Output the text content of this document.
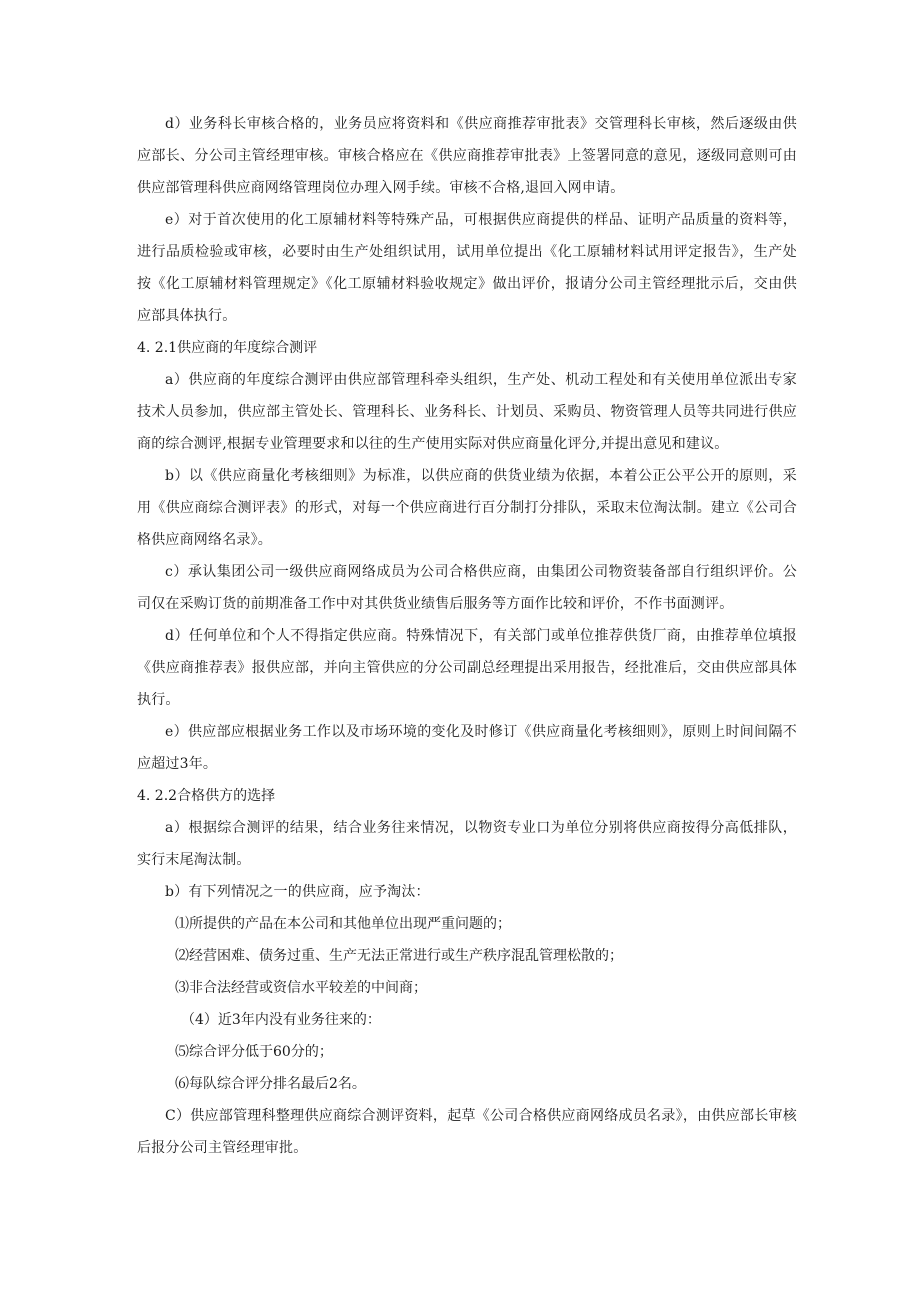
d）业务科长审核合格的，业务员应将资料和《供应商推荐审批表》交管理科长审核，然后逐级由供应部长、分公司主管经理审核。审核合格应在《供应商推荐审批表》上签署同意的意见，逐级同意则可由供应部管理科供应商网络管理岗位办理入网手续。审核不合格,退回入网申请。

e）对于首次使用的化工原辅材料等特殊产品，可根据供应商提供的样品、证明产品质量的资料等，进行品质检验或审核，必要时由生产处组织试用，试用单位提出《化工原辅材料试用评定报告》，生产处按《化工原辅材料管理规定》《化工原辅材料验收规定》做出评价，报请分公司主管经理批示后，交由供应部具体执行。

4. 2.1供应商的年度综合测评

a）供应商的年度综合测评由供应部管理科牵头组织，生产处、机动工程处和有关使用单位派出专家技术人员参加，供应部主管处长、管理科长、业务科长、计划员、采购员、物资管理人员等共同进行供应商的综合测评,根据专业管理要求和以往的生产使用实际对供应商量化评分,并提出意见和建议。

b）以《供应商量化考核细则》为标准，以供应商的供货业绩为依据，本着公正公平公开的原则，采用《供应商综合测评表》的形式，对每一个供应商进行百分制打分排队，采取末位淘汰制。建立《公司合格供应商网络名录》。

c）承认集团公司一级供应商网络成员为公司合格供应商，由集团公司物资装备部自行组织评价。公司仅在采购订货的前期准备工作中对其供货业绩售后服务等方面作比较和评价，不作书面测评。

d）任何单位和个人不得指定供应商。特殊情况下，有关部门或单位推荐供货厂商，由推荐单位填报《供应商推荐表》报供应部，并向主管供应的分公司副总经理提出采用报告，经批准后，交由供应部具体执行。

e）供应部应根据业务工作以及市场环境的变化及时修订《供应商量化考核细则》，原则上时间间隔不应超过3年。

4. 2.2合格供方的选择

a）根据综合测评的结果，结合业务往来情况，以物资专业口为单位分别将供应商按得分高低排队，实行末尾淘汰制。

b）有下列情况之一的供应商，应予淘汰：

⑴所提供的产品在本公司和其他单位出现严重问题的；

⑵经营困难、债务过重、生产无法正常进行或生产秩序混乱管理松散的；

⑶非合法经营或资信水平较差的中间商；

（4）近3年内没有业务往来的：

⑸综合评分低于60分的；

⑹每队综合评分排名最后2名。

C）供应部管理科整理供应商综合测评资料，起草《公司合格供应商网络成员名录》，由供应部长审核后报分公司主管经理审批。
